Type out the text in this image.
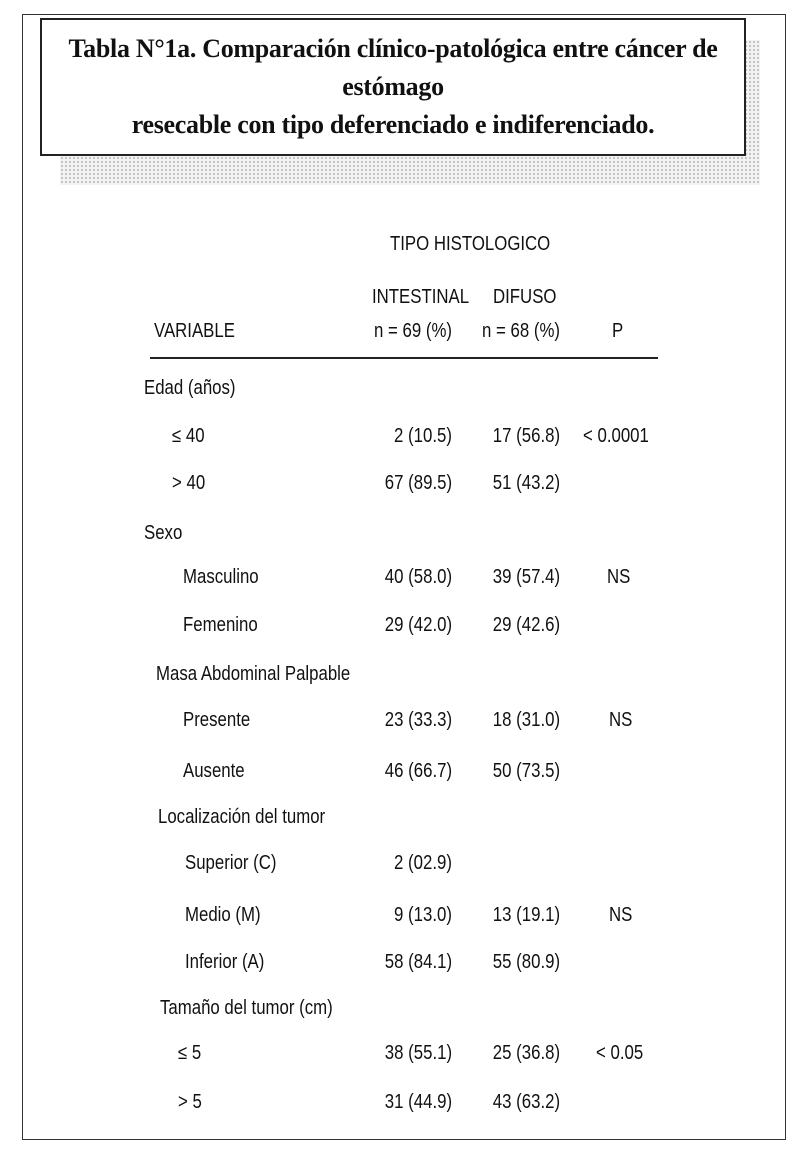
Tabla N°1a. Comparación clínico-patológica entre cáncer de estómago
resecable con tipo deferenciado e indiferenciado.
TIPO HISTOLOGICO
INTESTINAL DIFUSO
VARIABLE	n = 69 (%) n = 68 (%)	P
Edad (años)
≤ 40	2 (10.5) 17 (56.8) < 0.0001
> 40	67 (89.5) 51 (43.2)
Sexo
Masculino	40 (58.0) 39 (57.4) NS
Femenino	29 (42.0) 29 (42.6)
Masa Abdominal Palpable
Presente	23 (33.3) 18 (31.0) NS
Ausente	46 (66.7) 50 (73.5)
Localización del tumor
Superior (C)	2 (02.9)
Medio (M)	9 (13.0) 13 (19.1) NS
Inferior (A)	58 (84.1) 55 (80.9)
Tamaño del tumor (cm)
≤ 5	38 (55.1) 25 (36.8) < 0.05
> 5	31 (44.9) 43 (63.2)
